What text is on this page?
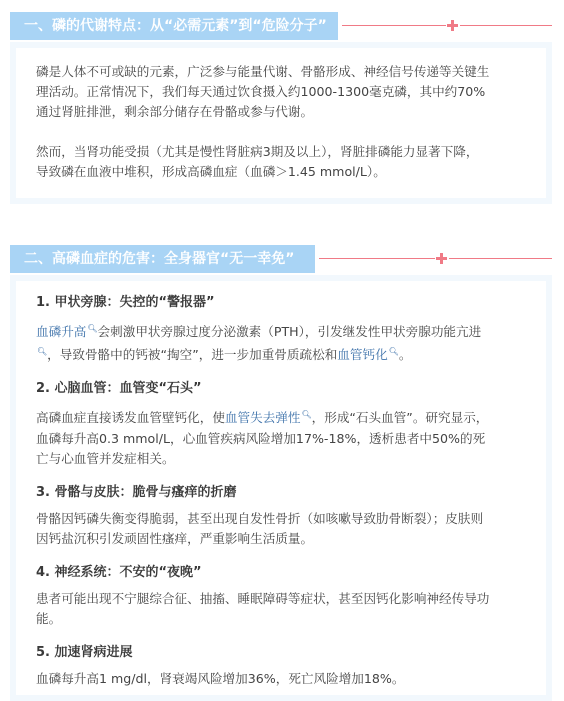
一、磷的代谢特点：从“必需元素”到“危险分子”

磷是人体不可或缺的元素，广泛参与能量代谢、骨骼形成、神经信号传递等关键生

理活动。正常情况下，我们每天通过饮食摄入约1000-1300毫克磷，其中约70%

通过肾脏排泄，剩余部分储存在骨骼或参与代谢。

然而，当肾功能受损（尤其是慢性肾脏病3期及以上），肾脏排磷能力显著下降，

导致磷在血液中堆积，形成高磷血症（血磷＞1.45 mmol/L）。

二、高磷血症的危害：全身器官“无一幸免”

1. 甲状旁腺：失控的“警报器”

血磷升高🔍︎会刺激甲状旁腺过度分泌激素（PTH），引发继发性甲状旁腺功能亢进

🔍︎，导致骨骼中的钙被“掏空”，进一步加重骨质疏松和血管钙化🔍︎。

2. 心脑血管：血管变“石头”

高磷血症直接诱发血管壁钙化，使血管失去弹性🔍︎，形成“石头血管”。研究显示，

血磷每升高0.3 mmol/L，心血管疾病风险增加17%-18%，透析患者中50%的死

亡与心血管并发症相关。

3. 骨骼与皮肤：脆骨与瘙痒的折磨

骨骼因钙磷失衡变得脆弱，甚至出现自发性骨折（如咳嗽导致肋骨断裂）；皮肤则

因钙盐沉积引发顽固性瘙痒，严重影响生活质量。

4. 神经系统：不安的“夜晚”

患者可能出现不宁腿综合征、抽搐、睡眠障碍等症状，甚至因钙化影响神经传导功

能。

5. 加速肾病进展

血磷每升高1 mg/dl，肾衰竭风险增加36%，死亡风险增加18%。
